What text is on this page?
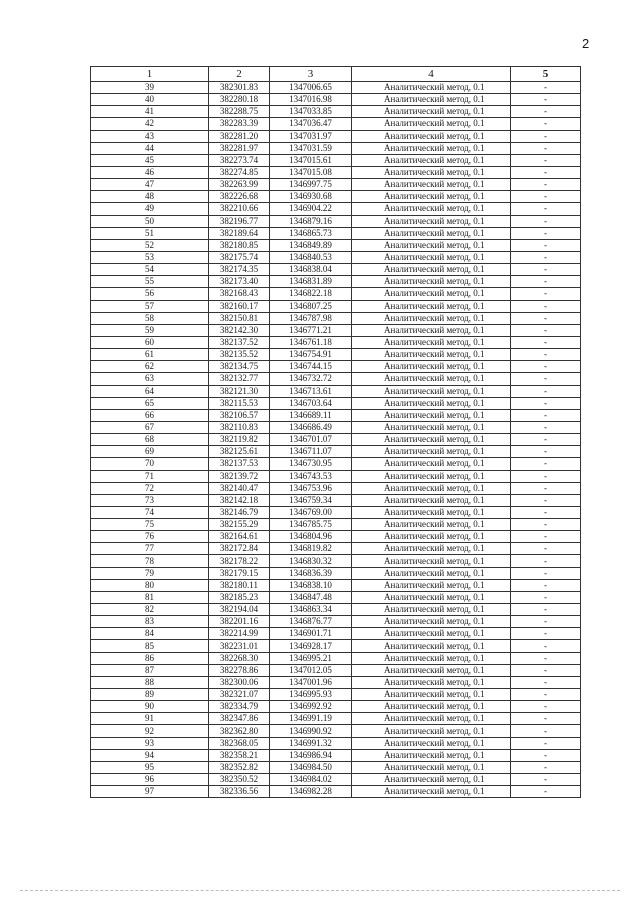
2
1	2	3	4	5
39	382301.83	1347006.65	Аналитический метод, 0.1	-
40	382280.18	1347016.98	Аналитический метод, 0.1	-
41	382288.75	1347033.85	Аналитический метод, 0.1	-
42	382283.39	1347036.47	Аналитический метод, 0.1	-
43	382281.20	1347031.97	Аналитический метод, 0.1	-
44	382281.97	1347031.59	Аналитический метод, 0.1	-
45	382273.74	1347015.61	Аналитический метод, 0.1	-
46	382274.85	1347015.08	Аналитический метод, 0.1	-
47	382263.99	1346997.75	Аналитический метод, 0.1	-
48	382226.68	1346930.68	Аналитический метод, 0.1	-
49	382210.66	1346904.22	Аналитический метод, 0.1	-
50	382196.77	1346879.16	Аналитический метод, 0.1	-
51	382189.64	1346865.73	Аналитический метод, 0.1	-
52	382180.85	1346849.89	Аналитический метод, 0.1	-
53	382175.74	1346840.53	Аналитический метод, 0.1	-
54	382174.35	1346838.04	Аналитический метод, 0.1	-
55	382173.40	1346831.89	Аналитический метод, 0.1	-
56	382168.43	1346822.18	Аналитический метод, 0.1	-
57	382160.17	1346807.25	Аналитический метод, 0.1	-
58	382150.81	1346787.98	Аналитический метод, 0.1	-
59	382142.30	1346771.21	Аналитический метод, 0.1	-
60	382137.52	1346761.18	Аналитический метод, 0.1	-
61	382135.52	1346754.91	Аналитический метод, 0.1	-
62	382134.75	1346744.15	Аналитический метод, 0.1	-
63	382132.77	1346732.72	Аналитический метод, 0.1	-
64	382121.30	1346713.61	Аналитический метод, 0.1	-
65	382115.53	1346703.64	Аналитический метод, 0.1	-
66	382106.57	1346689.11	Аналитический метод, 0.1	-
67	382110.83	1346686.49	Аналитический метод, 0.1	-
68	382119.82	1346701.07	Аналитический метод, 0.1	-
69	382125.61	1346711.07	Аналитический метод, 0.1	-
70	382137.53	1346730.95	Аналитический метод, 0.1	-
71	382139.72	1346743.53	Аналитический метод, 0.1	-
72	382140.47	1346753.96	Аналитический метод, 0.1	-
73	382142.18	1346759.34	Аналитический метод, 0.1	-
74	382146.79	1346769.00	Аналитический метод, 0.1	-
75	382155.29	1346785.75	Аналитический метод, 0.1	-
76	382164.61	1346804.96	Аналитический метод, 0.1	-
77	382172.84	1346819.82	Аналитический метод, 0.1	-
78	382178.22	1346830.32	Аналитический метод, 0.1	-
79	382179.15	1346836.39	Аналитический метод, 0.1	-
80	382180.11	1346838.10	Аналитический метод, 0.1	-
81	382185.23	1346847.48	Аналитический метод, 0.1	-
82	382194.04	1346863.34	Аналитический метод, 0.1	-
83	382201.16	1346876.77	Аналитический метод, 0.1	-
84	382214.99	1346901.71	Аналитический метод, 0.1	-
85	382231.01	1346928.17	Аналитический метод, 0.1	-
86	382268.30	1346995.21	Аналитический метод, 0.1	-
87	382278.86	1347012.05	Аналитический метод, 0.1	-
88	382300.06	1347001.96	Аналитический метод, 0.1	-
89	382321.07	1346995.93	Аналитический метод, 0.1	-
90	382334.79	1346992.92	Аналитический метод, 0.1	-
91	382347.86	1346991.19	Аналитический метод, 0.1	-
92	382362.80	1346990.92	Аналитический метод, 0.1	-
93	382368.05	1346991.32	Аналитический метод, 0.1	-
94	382358.21	1346986.94	Аналитический метод, 0.1	-
95	382352.82	1346984.50	Аналитический метод, 0.1	-
96	382350.52	1346984.02	Аналитический метод, 0.1	-
97	382336.56	1346982.28	Аналитический метод, 0.1	-
